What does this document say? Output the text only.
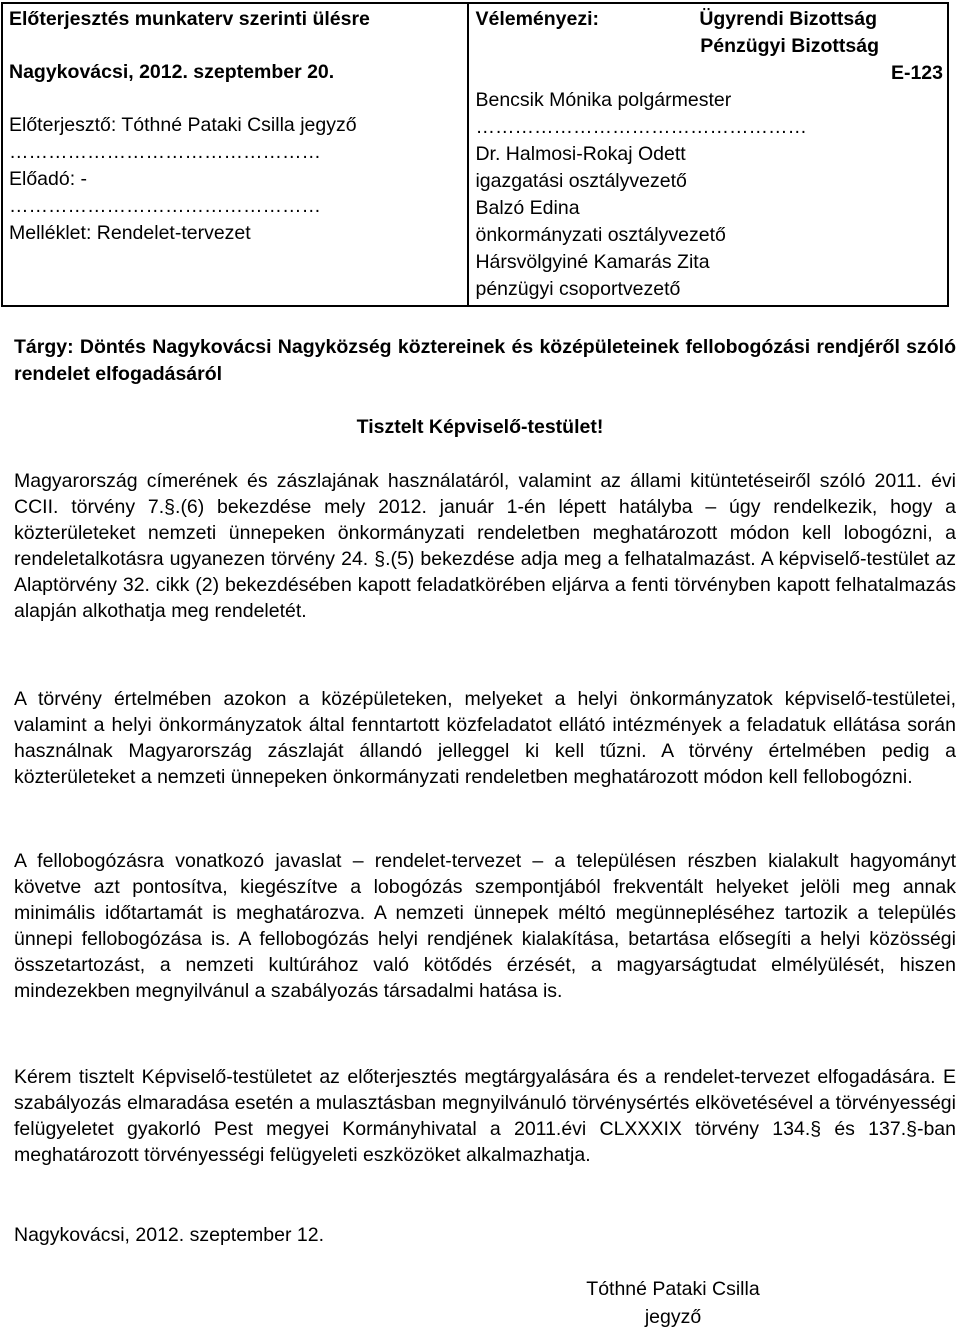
Előterjesztés munkaterv szerinti ülésre
Nagykovácsi, 2012. szeptember 20.
Előterjesztő: Tóthné Pataki Csilla jegyző
…………………………………………
Előadó: -
…………………………………………
Melléklet: Rendelet-tervezet

Véleményezi:	Ügyrendi Bizottság
Pénzügyi Bizottság
E-123
Bencsik Mónika polgármester
……………………………………………
Dr. Halmosi-Rokaj Odett
igazgatási osztályvezető
Balzó Edina
önkormányzati osztályvezető
Hársvölgyiné Kamarás Zita
pénzügyi csoportvezető
Tárgy: Döntés Nagykovácsi Nagyközség köztereinek és középületeinek fellobogózási rendjéről szóló rendelet elfogadásáról
Tisztelt Képviselő-testület!

Magyarország címerének és zászlajának használatáról, valamint az állami kitüntetéseiről szóló 2011. évi CCII. törvény 7.§.(6) bekezdése mely 2012. január 1-én lépett hatályba – úgy rendelkezik, hogy a közterületeket nemzeti ünnepeken önkormányzati rendeletben meghatározott módon kell lobogózni, a rendeletalkotásra ugyanezen törvény 24. §.(5) bekezdése adja meg a felhatalmazást. A képviselő-testület az Alaptörvény 32. cikk (2) bekezdésében kapott feladatkörében eljárva a fenti törvényben kapott felhatalmazás alapján alkothatja meg rendeletét.

A törvény értelmében azokon a középületeken, melyeket a helyi önkormányzatok képviselő-testületei, valamint a helyi önkormányzatok által fenntartott közfeladatot ellátó intézmények a feladatuk ellátása során használnak Magyarország zászlaját állandó jelleggel ki kell tűzni. A törvény értelmében pedig a közterületeket a nemzeti ünnepeken önkormányzati rendeletben meghatározott módon kell fellobogózni.

A fellobogózásra vonatkozó javaslat – rendelet-tervezet – a településen részben kialakult hagyományt követve azt pontosítva, kiegészítve a lobogózás szempontjából frekventált helyeket jelöli meg annak minimális időtartamát is meghatározva. A nemzeti ünnepek méltó megünnepléséhez tartozik a település ünnepi fellobogózása is. A fellobogózás helyi rendjének kialakítása, betartása elősegíti a helyi közösségi összetartozást, a nemzeti kultúrához való kötődés érzését, a magyarságtudat elmélyülését, hiszen mindezekben megnyilvánul a szabályozás társadalmi hatása is.

Kérem tisztelt Képviselő-testületet az előterjesztés megtárgyalására és a rendelet-tervezet elfogadására. E szabályozás elmaradása esetén a mulasztásban megnyilvánuló törvénysértés elkövetésével a törvényességi felügyeletet gyakorló Pest megyei Kormányhivatal a 2011.évi CLXXXIX törvény 134.§ és 137.§-ban meghatározott törvényességi felügyeleti eszközöket alkalmazhatja.

Nagykovácsi, 2012. szeptember 12.
Tóthné Pataki Csilla
jegyző
